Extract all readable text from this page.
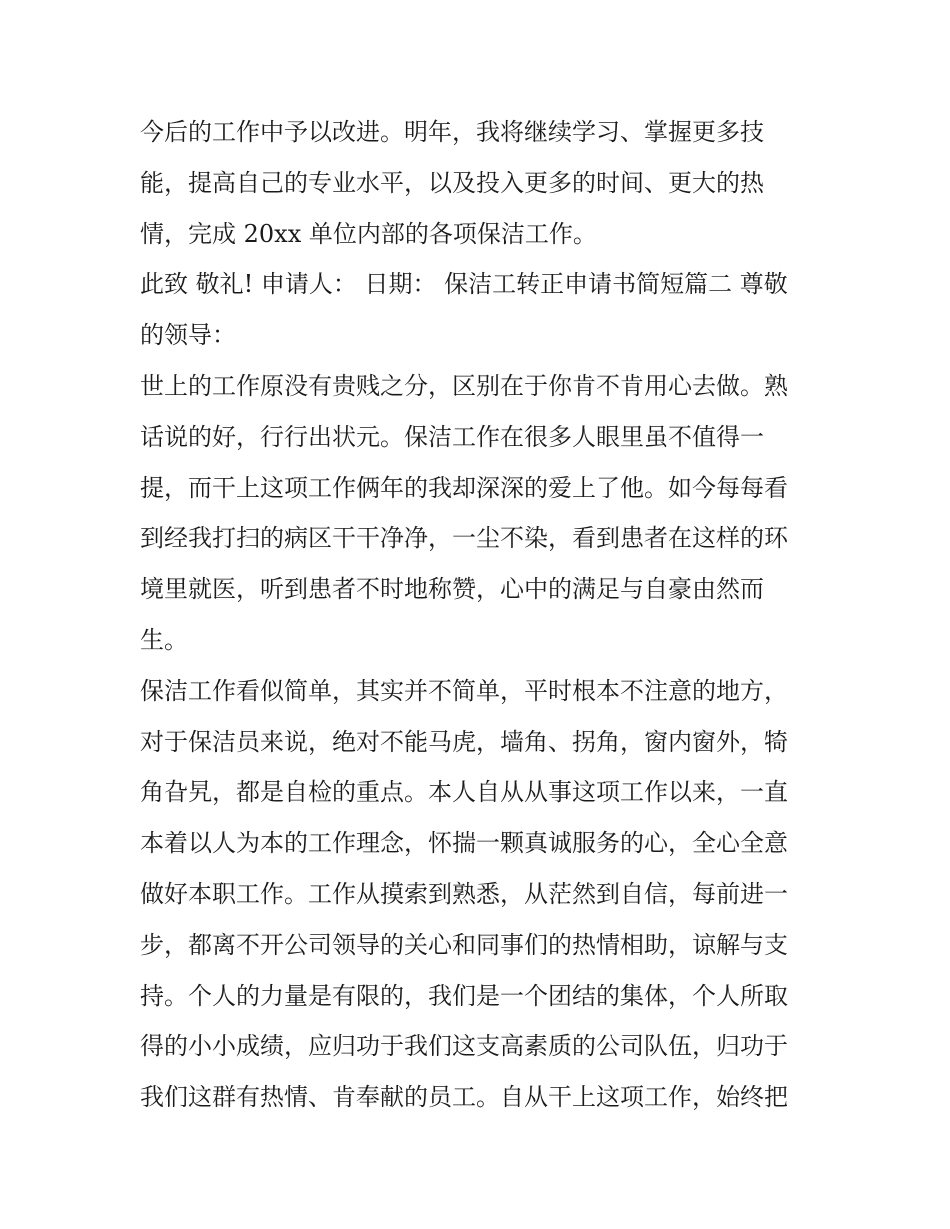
今后的工作中予以改进。明年，我将继续学习、掌握更多技
能，提高自己的专业水平，以及投入更多的时间、更大的热
情，完成 20xx 单位内部的各项保洁工作。
此致 敬礼! 申请人： 日期： 保洁工转正申请书简短篇二 尊敬
的领导：
世上的工作原没有贵贱之分，区别在于你肯不肯用心去做。熟
话说的好，行行出状元。保洁工作在很多人眼里虽不值得一
提，而干上这项工作俩年的我却深深的爱上了他。如今每每看
到经我打扫的病区干干净净，一尘不染，看到患者在这样的环
境里就医，听到患者不时地称赞，心中的满足与自豪由然而
生。
保洁工作看似简单，其实并不简单，平时根本不注意的地方，
对于保洁员来说，绝对不能马虎，墙角、拐角，窗内窗外，犄
角旮旯，都是自检的重点。本人自从从事这项工作以来，一直
本着以人为本的工作理念，怀揣一颗真诚服务的心，全心全意
做好本职工作。工作从摸索到熟悉，从茫然到自信，每前进一
步，都离不开公司领导的关心和同事们的热情相助，谅解与支
持。个人的力量是有限的，我们是一个团结的集体，个人所取
得的小小成绩，应归功于我们这支高素质的公司队伍，归功于
我们这群有热情、肯奉献的员工。自从干上这项工作，始终把
